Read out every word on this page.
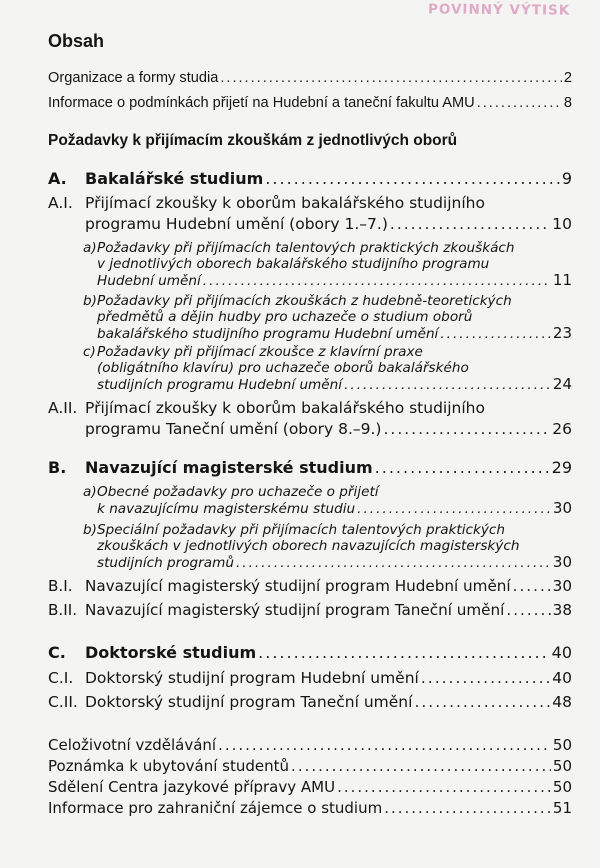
POVINNÝ VÝTISK
Obsah
Organizace a formy studia .....	2
Informace o podmínkách přijetí na Hudební a taneční fakultu AMU .....	8
Požadavky k přijímacím zkouškám z jednotlivých oborů
A.	Bakalářské studium .....	9
A.I. Přijímací zkoušky k oborům bakalářského studijního
programu Hudební umění (obory 1.–7.) .....	10
a)Požadavky při přijímacích talentových praktických zkouškách
v jednotlivých oborech bakalářského studijního programu
Hudební umění .....	11
b)Požadavky při přijímacích zkouškách z hudebně-teoretických
předmětů a dějin hudby pro uchazeče o studium oborů
bakalářského studijního programu Hudební umění .....	23
c)Požadavky při přijímací zkoušce z klavírní praxe
(obligátního klavíru) pro uchazeče oborů bakalářského
studijních programu Hudební umění .....	24
A.II. Přijímací zkoušky k oborům bakalářského studijního
programu Taneční umění (obory 8.–9.) .....	26
B.	Navazující magisterské studium .....	29
a)Obecné požadavky pro uchazeče o přijetí
k navazujícímu magisterskému studiu .....	30
b)Speciální požadavky při přijímacích talentových praktických
zkouškách v jednotlivých oborech navazujících magisterských
studijních programů .....	30
B.I. Navazující magisterský studijní program Hudební umění .....	30
B.II. Navazující magisterský studijní program Taneční umění .....	38
C.	Doktorské studium .....	40
C.I. Doktorský studijní program Hudební umění .....	40
C.II. Doktorský studijní program Taneční umění .....	48
Celoživotní vzdělávání .....	50
Poznámka k ubytování studentů .....	50
Sdělení Centra jazykové přípravy AMU .....	50
Informace pro zahraniční zájemce o studium .....	51
